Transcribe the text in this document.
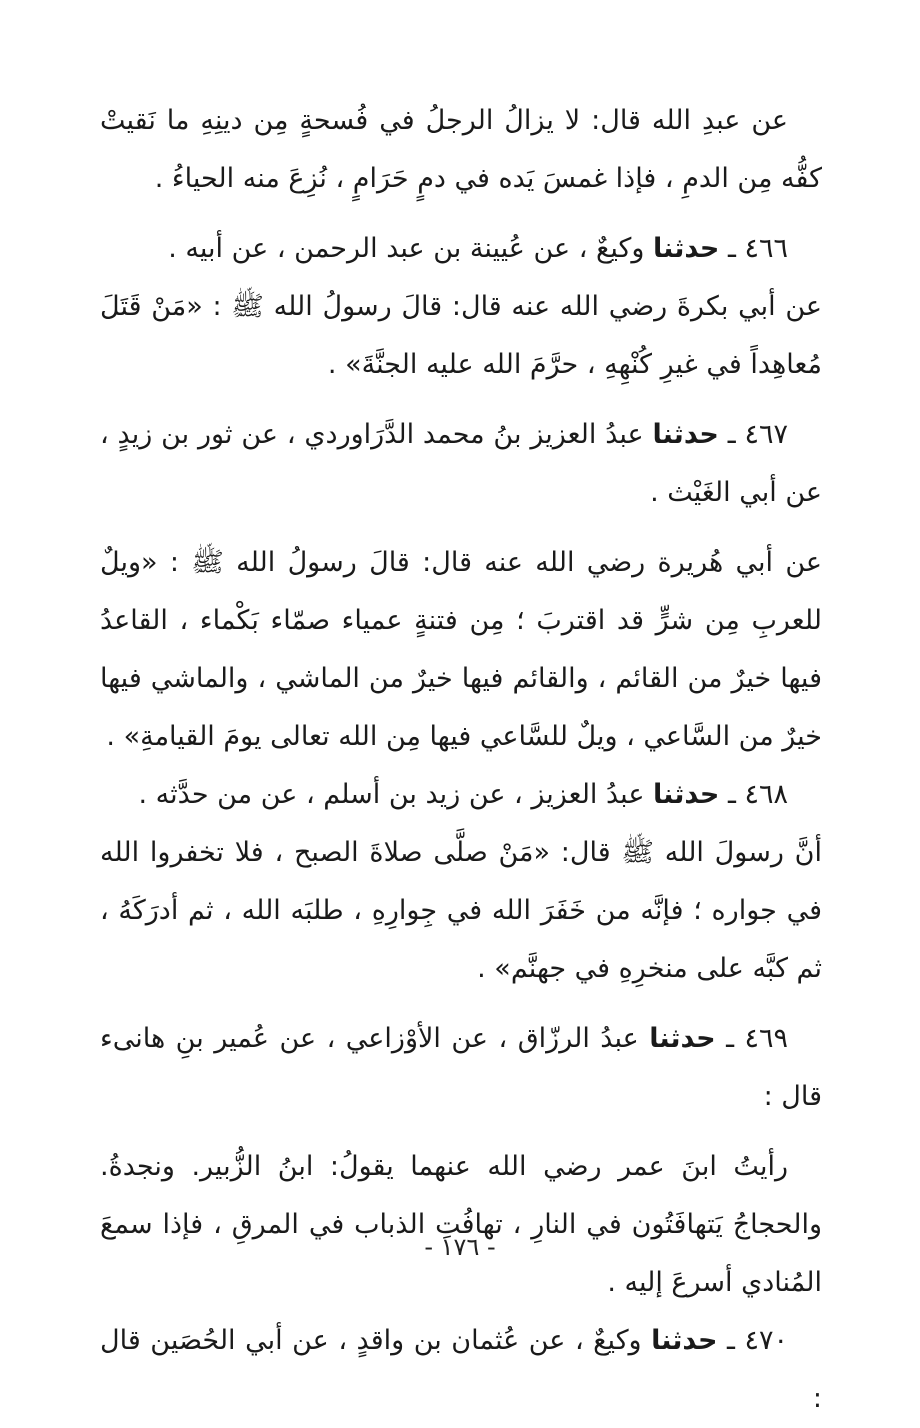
عن عبدِ الله قال: لا يزالُ الرجلُ في فُسحةٍ مِن دينِهِ ما نَقيتْ كفُّه مِن الدمِ ، فإذا غمسَ يَده في دمٍ حَرَامٍ ، نُزِعَ منه الحياءُ .

٤٦٦ ـ حدثنا وكيعٌ ، عن عُيينة بن عبد الرحمن ، عن أبيه .

عن أبي بكرةَ رضي الله عنه قال: قالَ رسولُ الله ﷺ : «مَنْ قَتَلَ مُعاهِداً في غيرِ كُنْهِهِ ، حرَّمَ الله عليه الجنَّةَ» .

٤٦٧ ـ حدثنا عبدُ العزيز بنُ محمد الدَّرَاوردي ، عن ثور بن زيدٍ ، عن أبي الغَيْث .

عن أبي هُريرة رضي الله عنه قال: قالَ رسولُ الله ﷺ : «ويلٌ للعربِ مِن شرٍّ قد اقتربَ ؛ مِن فتنةٍ عمياء صمّاء بَكْماء ، القاعدُ فيها خيرٌ من القائم ، والقائم فيها خيرٌ من الماشي ، والماشي فيها خيرٌ من السَّاعي ، ويلٌ للسَّاعي فيها مِن الله تعالى يومَ القيامةِ» .

٤٦٨ ـ حدثنا عبدُ العزيز ، عن زيد بن أسلم ، عن من حدَّثه .

أنَّ رسولَ الله ﷺ قال: «مَنْ صلَّى صلاةَ الصبح ، فلا تخفروا الله في جواره ؛ فإنَّه من خَفَرَ الله في جِوارِهِ ، طلبَه الله ، ثم أدرَكَهُ ، ثم كبَّه على منخرِهِ في جهنَّم» .

٤٦٩ ـ حدثنا عبدُ الرزّاق ، عن الأوْزاعي ، عن عُمير بنِ هانىء قال :

رأيتُ ابنَ عمر رضي الله عنهما يقولُ: ابنُ الزُّبير. ونجدةُ. والحجاجُ يَتهافَتُون في النارِ ، تهافُتِ الذباب في المرقِ ، فإذا سمعَ المُنادي أسرعَ إليه .

٤٧٠ ـ حدثنا وكيعٌ ، عن عُثمان بن واقدٍ ، عن أبي الحُصَين قال :

- ١٧٦ -
